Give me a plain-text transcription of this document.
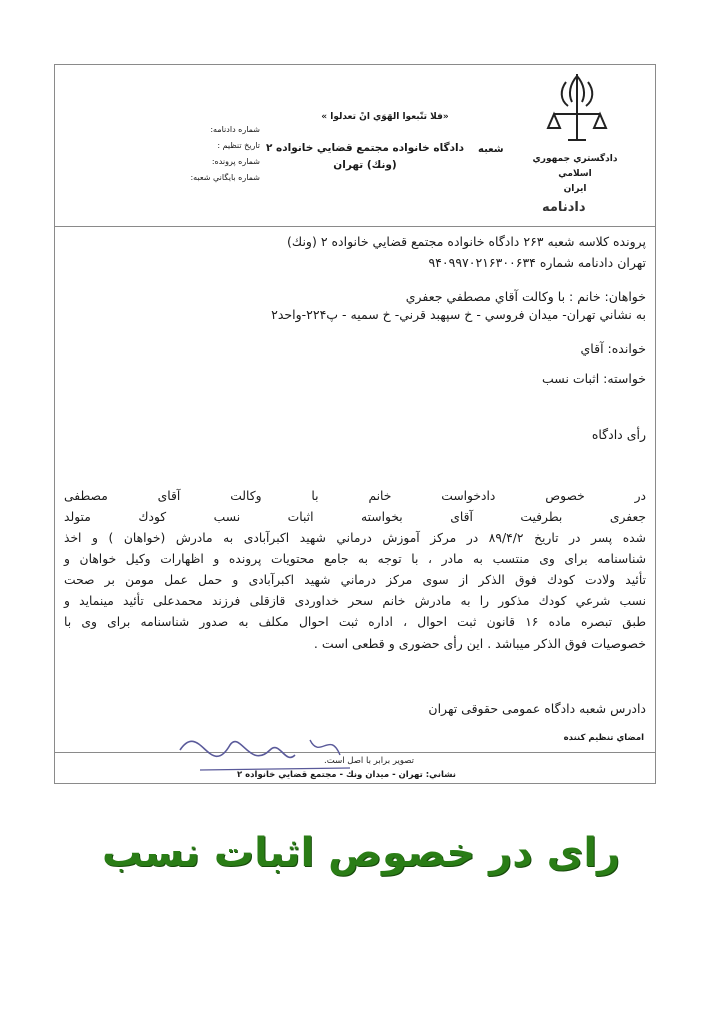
دادگستري جمهوري اسلامي
ايران
«فلا تتّبعوا الهَوَي انْ تعدلوا »
شعبه
دادگاه خانواده مجتمع قضايي خانواده ۲
(ونك) تهران
شماره دادنامه:
تاريخ تنظيم :
شماره پرونده:
شماره بايگاني شعبه:
دادنامه
پرونده کلاسه شعبه ۲۶۳ دادگاه خانواده مجتمع قضايي خانواده ۲ (ونك)
تهران دادنامه شماره ۹۴۰۹۹۷۰۲۱۶۳۰۰۶۳۴
خواهان: خانم : با وكالت آقاي مصطفي جعفري
به نشاني تهران- ميدان فروسي - خ سپهبد قرني- خ سميه - پ۲۲۴-واحد۲
خوانده: آقاي
خواسته: اثبات نسب
رأی دادگاه
در خصوص دادخواست خانم با وکالت آقای مصطفی
جعفری بطرفيت آقای بخواسته اثبات نسب كودك متولد
شده پسر در تاريخ ۸۹/۴/۲ در مركز آموزش درماني شهيد اكبرآبادی به مادرش (خواهان ) و اخذ
شناسنامه برای وی منتسب به مادر ، با توجه به جامع محتويات پرونده و اظهارات وكيل خواهان و
تأئيد ولادت كودك فوق الذكر از سوی مركز درماني شهيد اكبرآبادی و حمل عمل مومن بر صحت
نسب شرعي كودك مذكور را به مادرش خانم سحر خداوردی قازقلی فرزند محمدعلی تأئيد مينمايد و
طبق تبصره ماده ۱۶ قانون ثبت احوال ، اداره ثبت احوال مكلف به صدور شناسنامه برای وی با
خصوصيات فوق الذكر ميباشد . اين رأی حضوری و قطعی است .
دادرس شعبه دادگاه عمومی حقوقی تهران
امضاي تنظيم كننده
تصوير برابر با اصل است.
نشاني: تهران - ميدان ونك - مجتمع قضايي خانواده ۲
رای در خصوص اثبات نسب
